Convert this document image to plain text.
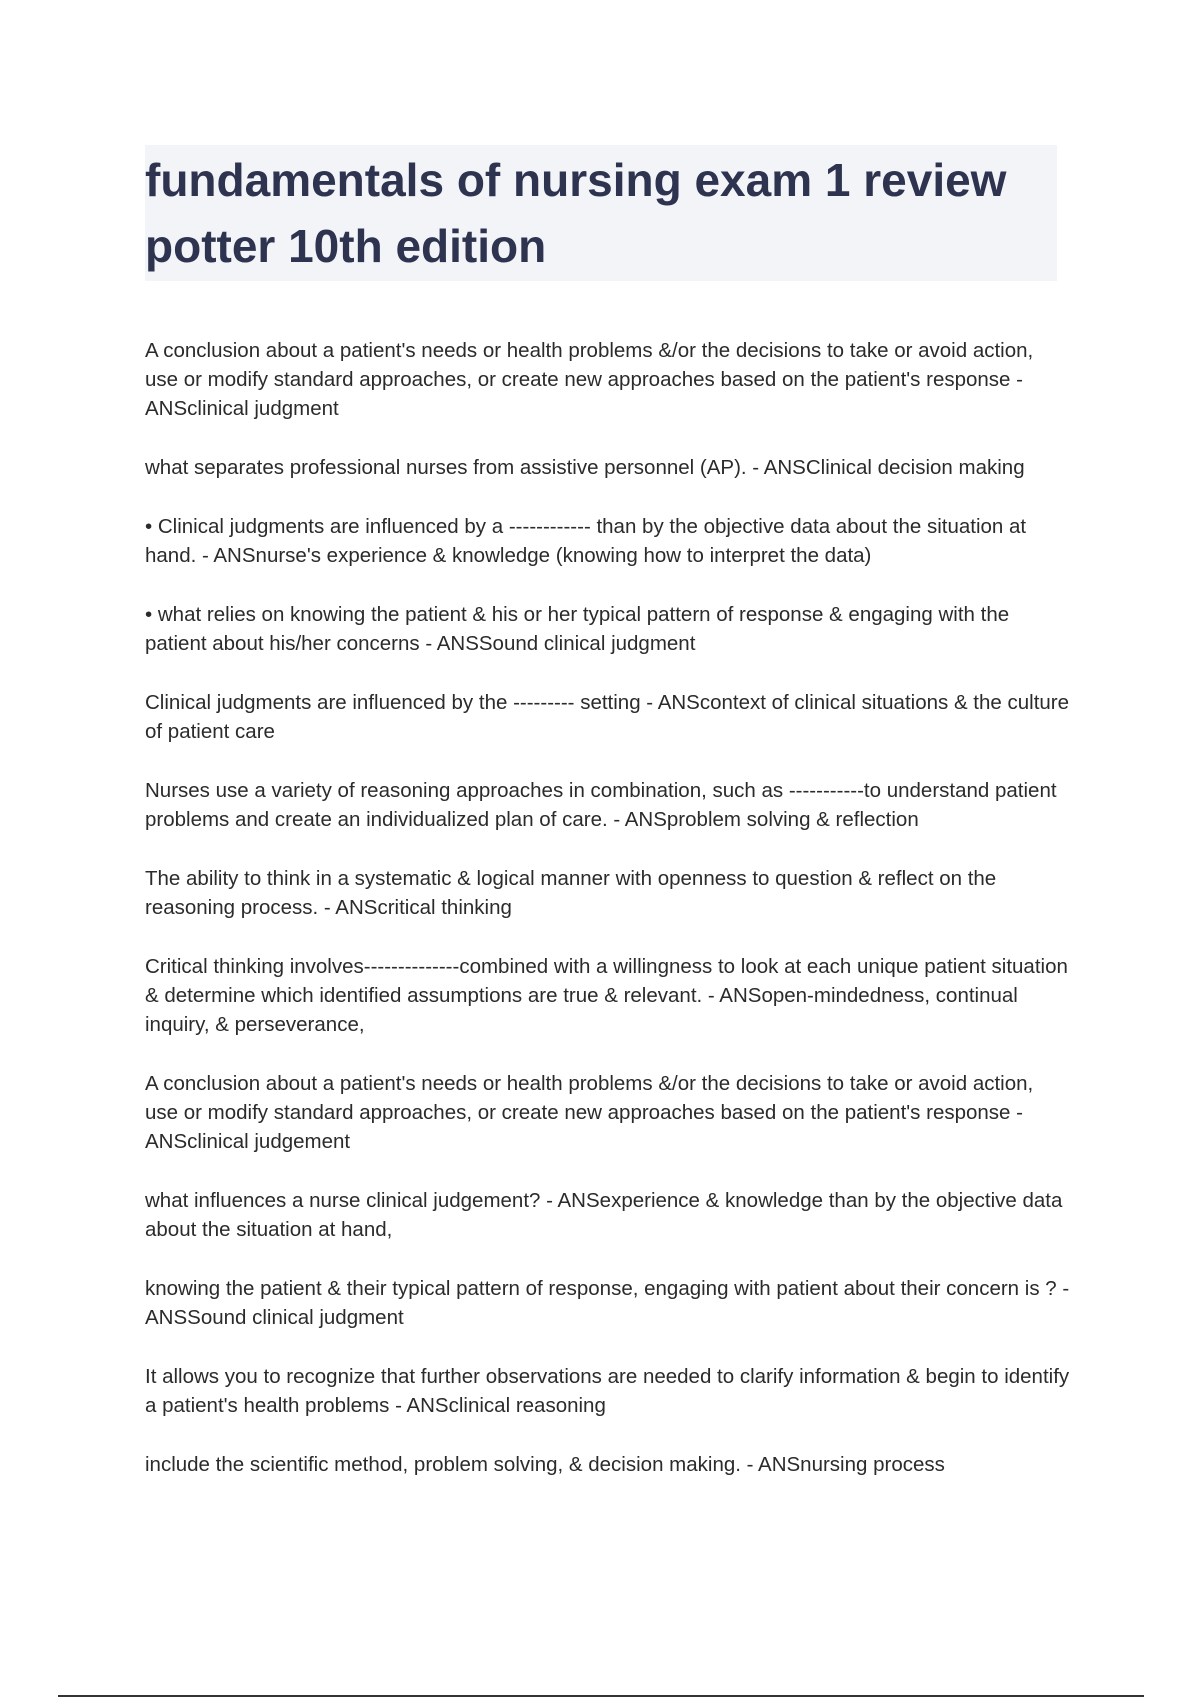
fundamentals of nursing exam 1 review
potter 10th edition

A conclusion about a patient's needs or health problems &/or the decisions to take or avoid action, use or modify standard approaches, or create new approaches based on the patient's response - ANSclinical judgment

what separates professional nurses from assistive personnel (AP). - ANSClinical decision making

• Clinical judgments are influenced by a ------------ than by the objective data about the situation at hand. - ANSnurse's experience & knowledge (knowing how to interpret the data)

• what relies on knowing the patient & his or her typical pattern of response & engaging with the patient about his/her concerns - ANSSound clinical judgment

Clinical judgments are influenced by the --------- setting - ANScontext of clinical situations & the culture of patient care

Nurses use a variety of reasoning approaches in combination, such as -----------to understand patient problems and create an individualized plan of care. - ANSproblem solving & reflection

The ability to think in a systematic & logical manner with openness to question & reflect on the reasoning process. - ANScritical thinking

Critical thinking involves--------------combined with a willingness to look at each unique patient situation & determine which identified assumptions are true & relevant. - ANSopen-mindedness, continual inquiry, & perseverance,

A conclusion about a patient's needs or health problems &/or the decisions to take or avoid action, use or modify standard approaches, or create new approaches based on the patient's response - ANSclinical judgement

what influences a nurse clinical judgement? - ANSexperience & knowledge than by the objective data about the situation at hand,

knowing the patient & their typical pattern of response, engaging with patient about their concern is ? - ANSSound clinical judgment

It allows you to recognize that further observations are needed to clarify information & begin to identify a patient's health problems - ANSclinical reasoning

include the scientific method, problem solving, & decision making. - ANSnursing process
